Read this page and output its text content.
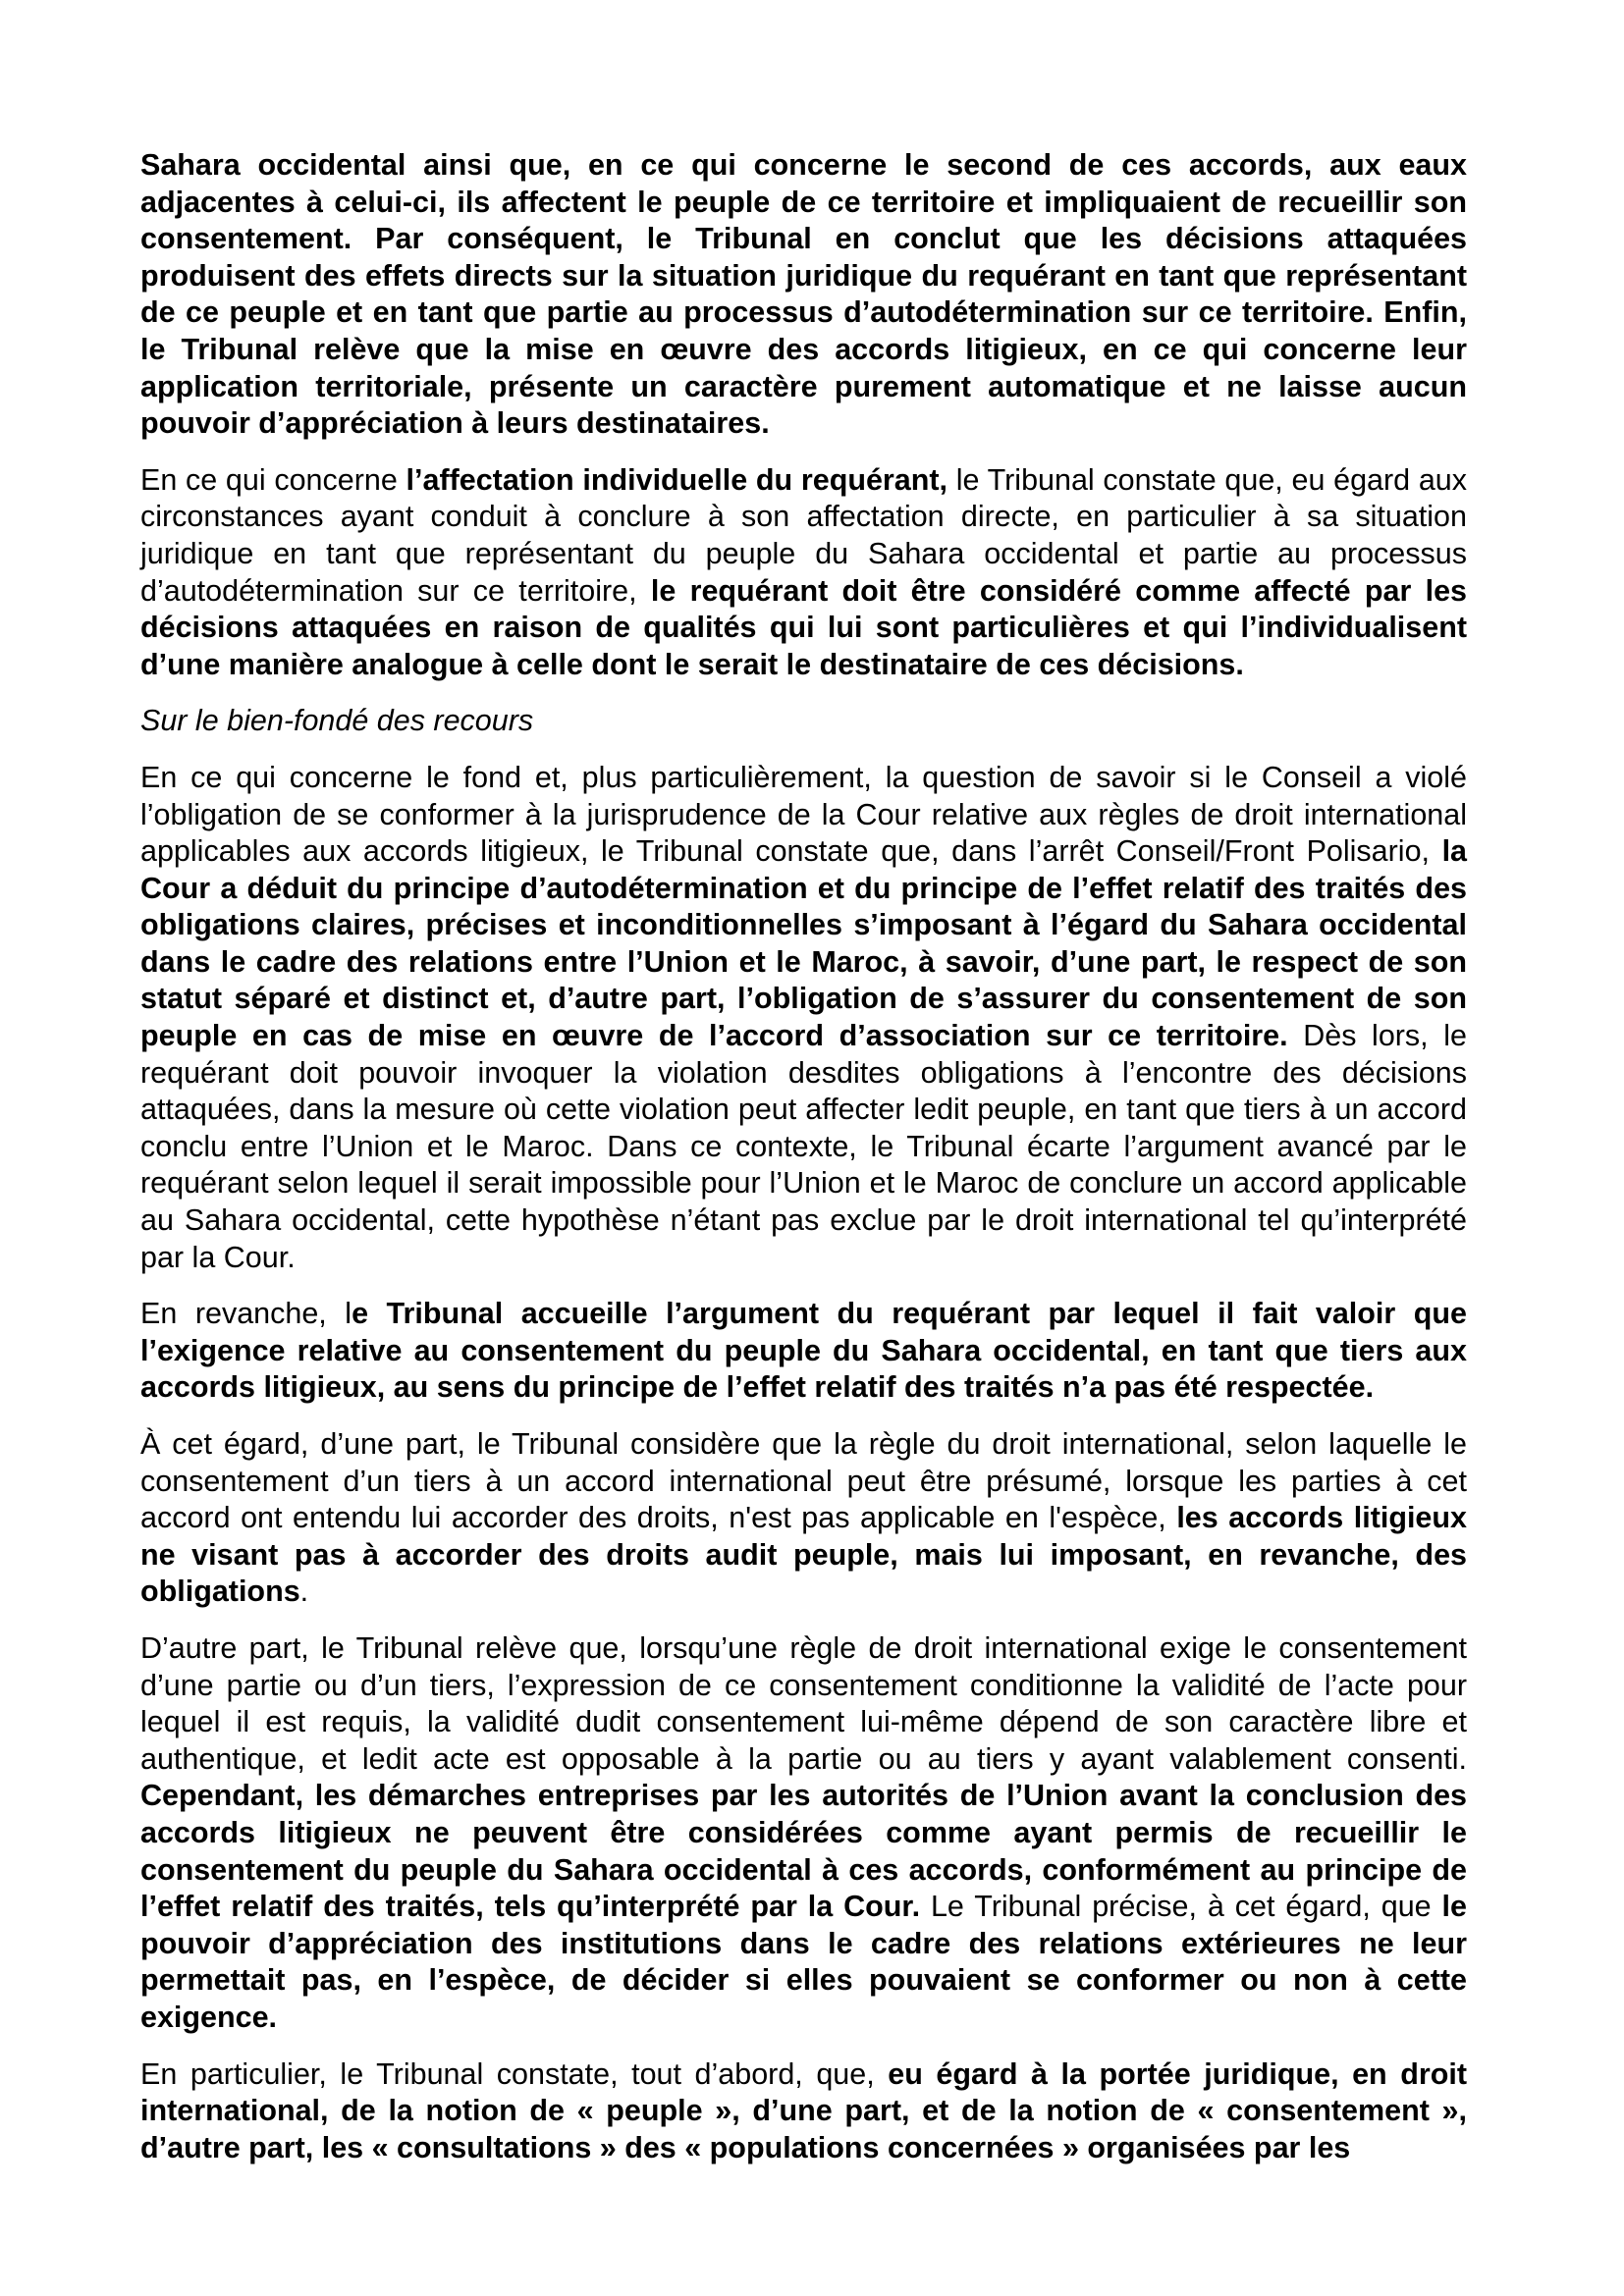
Sahara occidental ainsi que, en ce qui concerne le second de ces accords, aux eaux adjacentes à celui-ci, ils affectent le peuple de ce territoire et impliquaient de recueillir son consentement. Par conséquent, le Tribunal en conclut que les décisions attaquées produisent des effets directs sur la situation juridique du requérant en tant que représentant de ce peuple et en tant que partie au processus d’autodétermination sur ce territoire. Enfin, le Tribunal relève que la mise en œuvre des accords litigieux, en ce qui concerne leur application territoriale, présente un caractère purement automatique et ne laisse aucun pouvoir d’appréciation à leurs destinataires.

En ce qui concerne l’affectation individuelle du requérant, le Tribunal constate que, eu égard aux circonstances ayant conduit à conclure à son affectation directe, en particulier à sa situation juridique en tant que représentant du peuple du Sahara occidental et partie au processus d’autodétermination sur ce territoire, le requérant doit être considéré comme affecté par les décisions attaquées en raison de qualités qui lui sont particulières et qui l’individualisent d’une manière analogue à celle dont le serait le destinataire de ces décisions.

Sur le bien-fondé des recours

En ce qui concerne le fond et, plus particulièrement, la question de savoir si le Conseil a violé l’obligation de se conformer à la jurisprudence de la Cour relative aux règles de droit international applicables aux accords litigieux, le Tribunal constate que, dans l’arrêt Conseil/Front Polisario, la Cour a déduit du principe d’autodétermination et du principe de l’effet relatif des traités des obligations claires, précises et inconditionnelles s’imposant à l’égard du Sahara occidental dans le cadre des relations entre l’Union et le Maroc, à savoir, d’une part, le respect de son statut séparé et distinct et, d’autre part, l’obligation de s’assurer du consentement de son peuple en cas de mise en œuvre de l’accord d’association sur ce territoire. Dès lors, le requérant doit pouvoir invoquer la violation desdites obligations à l’encontre des décisions attaquées, dans la mesure où cette violation peut affecter ledit peuple, en tant que tiers à un accord conclu entre l’Union et le Maroc. Dans ce contexte, le Tribunal écarte l’argument avancé par le requérant selon lequel il serait impossible pour l’Union et le Maroc de conclure un accord applicable au Sahara occidental, cette hypothèse n’étant pas exclue par le droit international tel qu’interprété par la Cour.

En revanche, le Tribunal accueille l’argument du requérant par lequel il fait valoir que l’exigence relative au consentement du peuple du Sahara occidental, en tant que tiers aux accords litigieux, au sens du principe de l’effet relatif des traités n’a pas été respectée.

À cet égard, d’une part, le Tribunal considère que la règle du droit international, selon laquelle le consentement d’un tiers à un accord international peut être présumé, lorsque les parties à cet accord ont entendu lui accorder des droits, n'est pas applicable en l'espèce, les accords litigieux ne visant pas à accorder des droits audit peuple, mais lui imposant, en revanche, des obligations.

D’autre part, le Tribunal relève que, lorsqu’une règle de droit international exige le consentement d’une partie ou d’un tiers, l’expression de ce consentement conditionne la validité de l’acte pour lequel il est requis, la validité dudit consentement lui-même dépend de son caractère libre et authentique, et ledit acte est opposable à la partie ou au tiers y ayant valablement consenti. Cependant, les démarches entreprises par les autorités de l’Union avant la conclusion des accords litigieux ne peuvent être considérées comme ayant permis de recueillir le consentement du peuple du Sahara occidental à ces accords, conformément au principe de l’effet relatif des traités, tels qu’interprété par la Cour. Le Tribunal précise, à cet égard, que le pouvoir d’appréciation des institutions dans le cadre des relations extérieures ne leur permettait pas, en l’espèce, de décider si elles pouvaient se conformer ou non à cette exigence.

En particulier, le Tribunal constate, tout d’abord, que, eu égard à la portée juridique, en droit international, de la notion de « peuple », d’une part, et de la notion de « consentement », d’autre part, les « consultations » des « populations concernées » organisées par les
